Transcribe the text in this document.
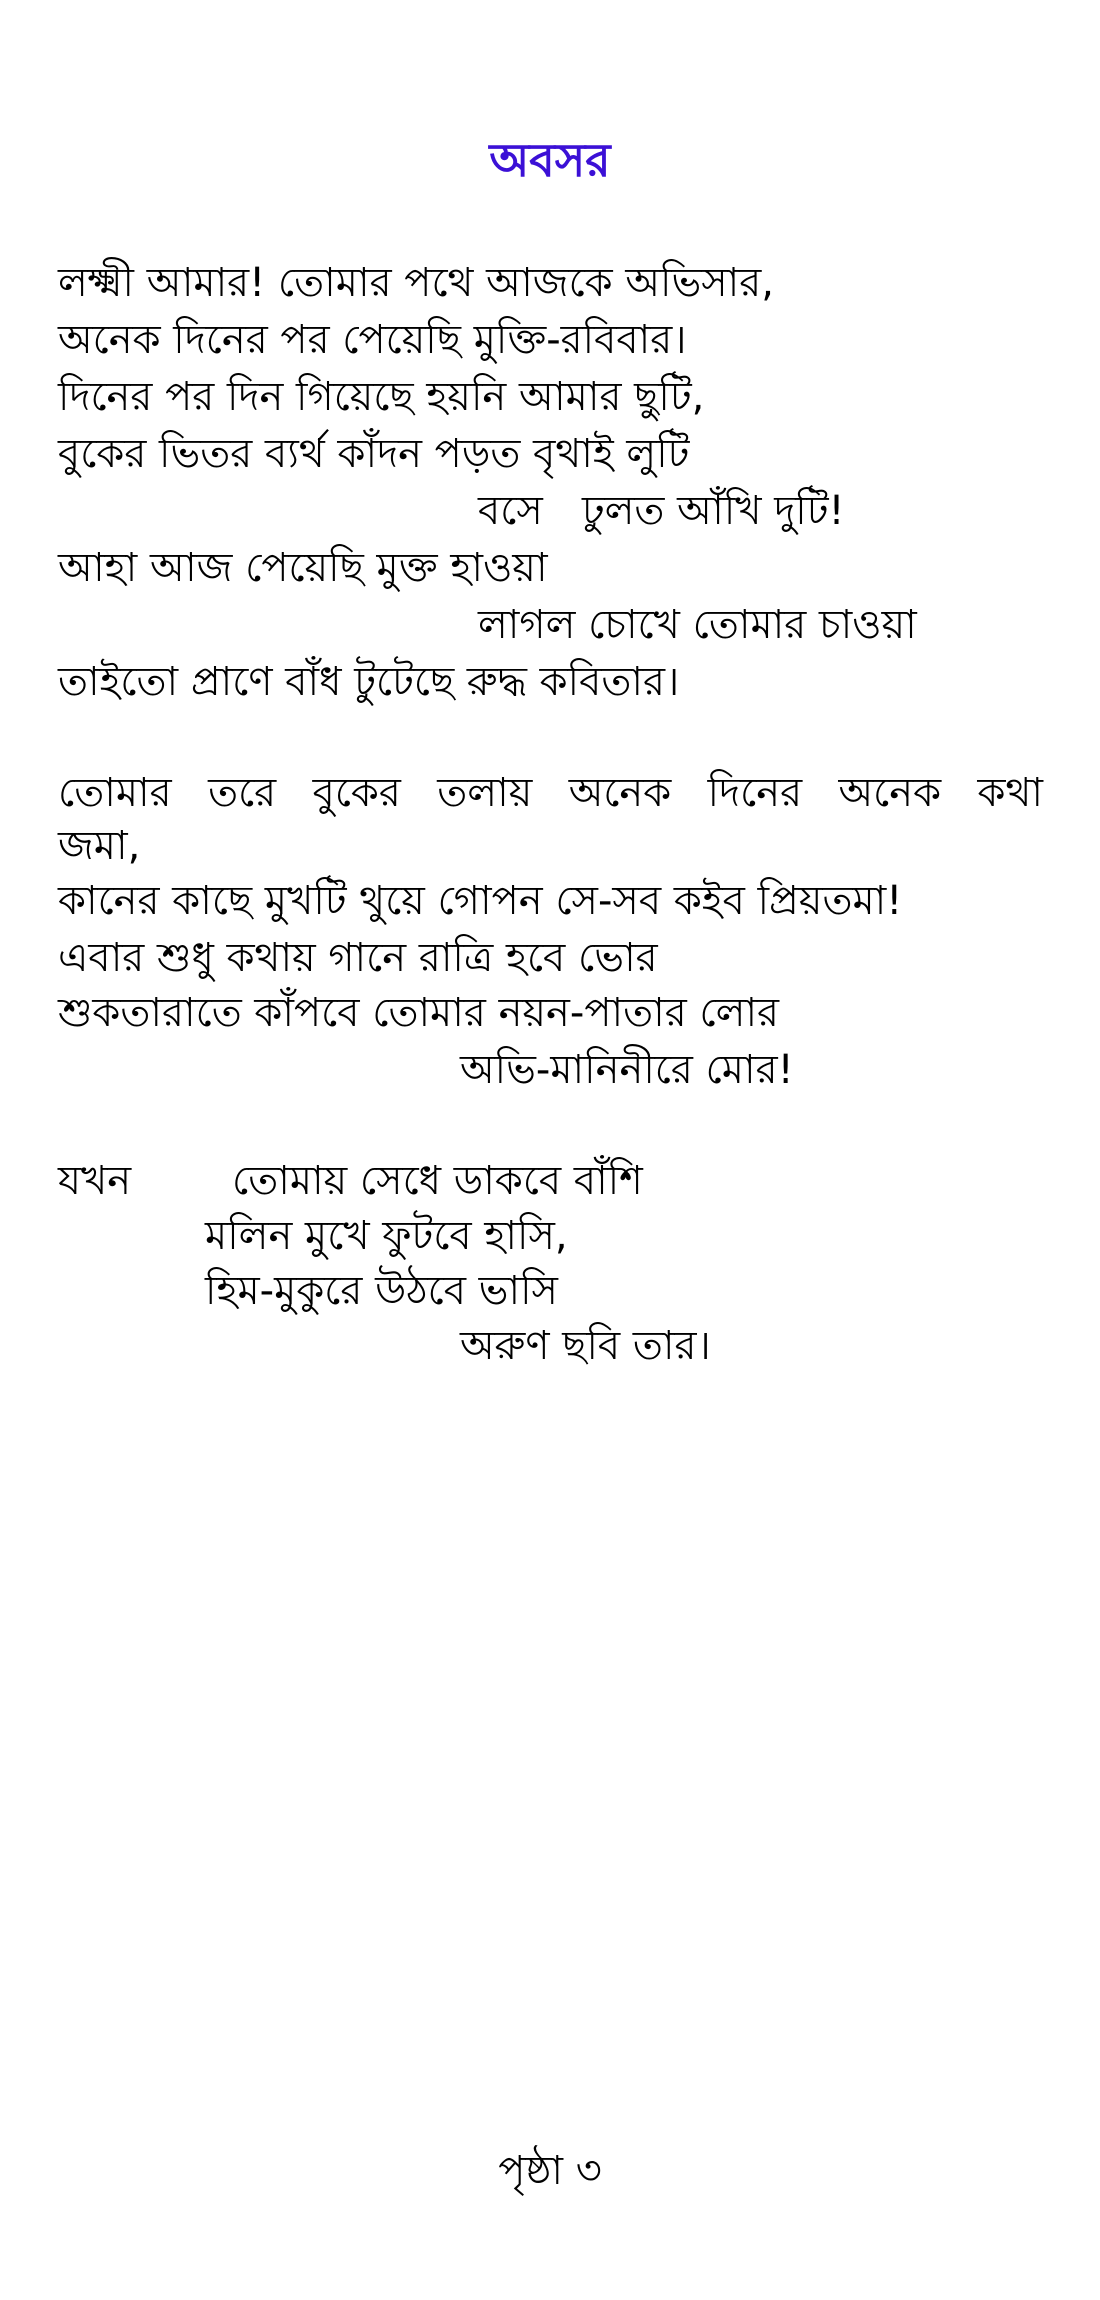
অবসর
লক্ষ্মী আমার! তোমার পথে আজকে অভিসার,
অনেক দিনের পর পেয়েছি মুক্তি-রবিবার।
দিনের পর দিন গিয়েছে হয়নি আমার ছুটি,
বুকের ভিতর ব্যর্থ কাঁদন পড়ত বৃথাই লুটি
বসে ঢুলত আঁখি দুটি!
আহা আজ পেয়েছি মুক্ত হাওয়া
লাগল চোখে তোমার চাওয়া
তাইতো প্রাণে বাঁধ টুটেছে রুদ্ধ কবিতার।
তোমার তরে বুকের তলায় অনেক দিনের অনেক কথা
জমা,
কানের কাছে মুখটি থুয়ে গোপন সে-সব কইব প্রিয়তমা!
এবার শুধু কথায় গানে রাত্রি হবে ভোর
শুকতারাতে কাঁপবে তোমার নয়ন-পাতার লোর
অভি-মানিনীরে মোর!
যখন	তোমায় সেধে ডাকবে বাঁশি
মলিন মুখে ফুটবে হাসি,
হিম-মুকুরে উঠবে ভাসি
অরুণ ছবি তার।
পৃষ্ঠা ৩
